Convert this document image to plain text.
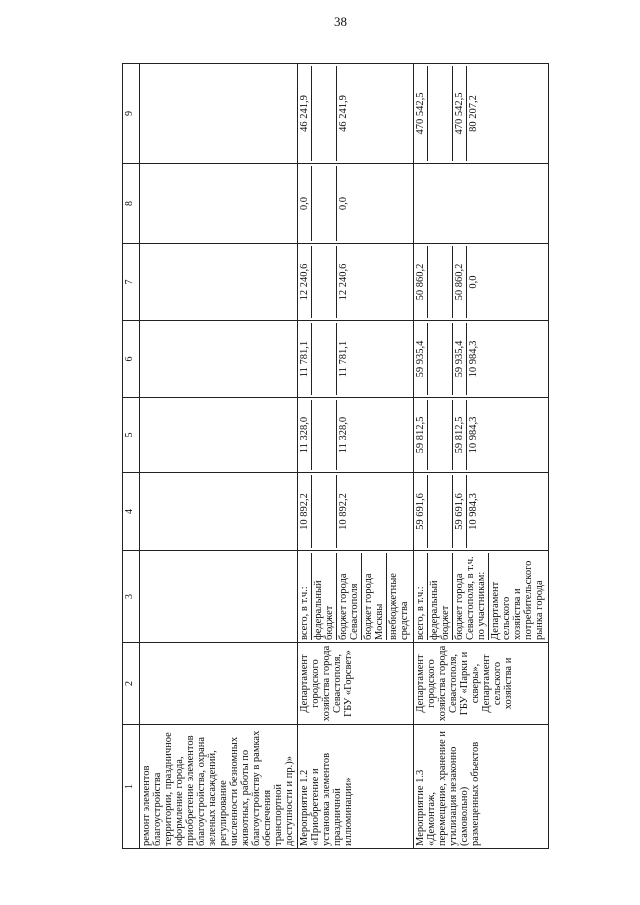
38
1	2	3	4	5	6	7	8	9
ремонт элементов благоустройства территории, праздничное оформление города, приобретение элементов благоустройства, охрана зеленых насаждений, регулирование численности безномных животных, работы по благоустройству в рамках обеспечения транспортной доступности и пр.)»								
Мероприятие 1.2 «Приобретение и установка элементов праздничной иллюминации»	Департамент городского хозяйства города Севастополя, ГБУ «Горсвет»	всего, в т.ч.: федеральный бюджет бюджет города Севастополя бюджет города Москвы внебюджетные средства	10 892,2 10 892,2	11 328,0 11 328,0	11 781,1 11 781,1	12 240,6 12 240,6	0,0 0,0	46 241,9 46 241,9

Мероприятие 1.3 «Демонтаж, перемещение, хранение и утилизация незаконно (самовольно) размещенных объектов	Департамент городского хозяйства города Севастополя, ГБУ «Парки и скверы», Департамент сельского хозяйства и	всего, в т.ч.: федеральный бюджет бюджет города Севастополя, в т.ч. по участникам: Департамент сельского хозяйства и потребительского рынка города	59 691,6 59 691,6 10 984,3	59 812,5 59 812,5 10 984,3	59 935,4 59 935,4 10 984,3	50 860,2 50 860,2 0,0		470 542,5 470 542,5 80 207,2
